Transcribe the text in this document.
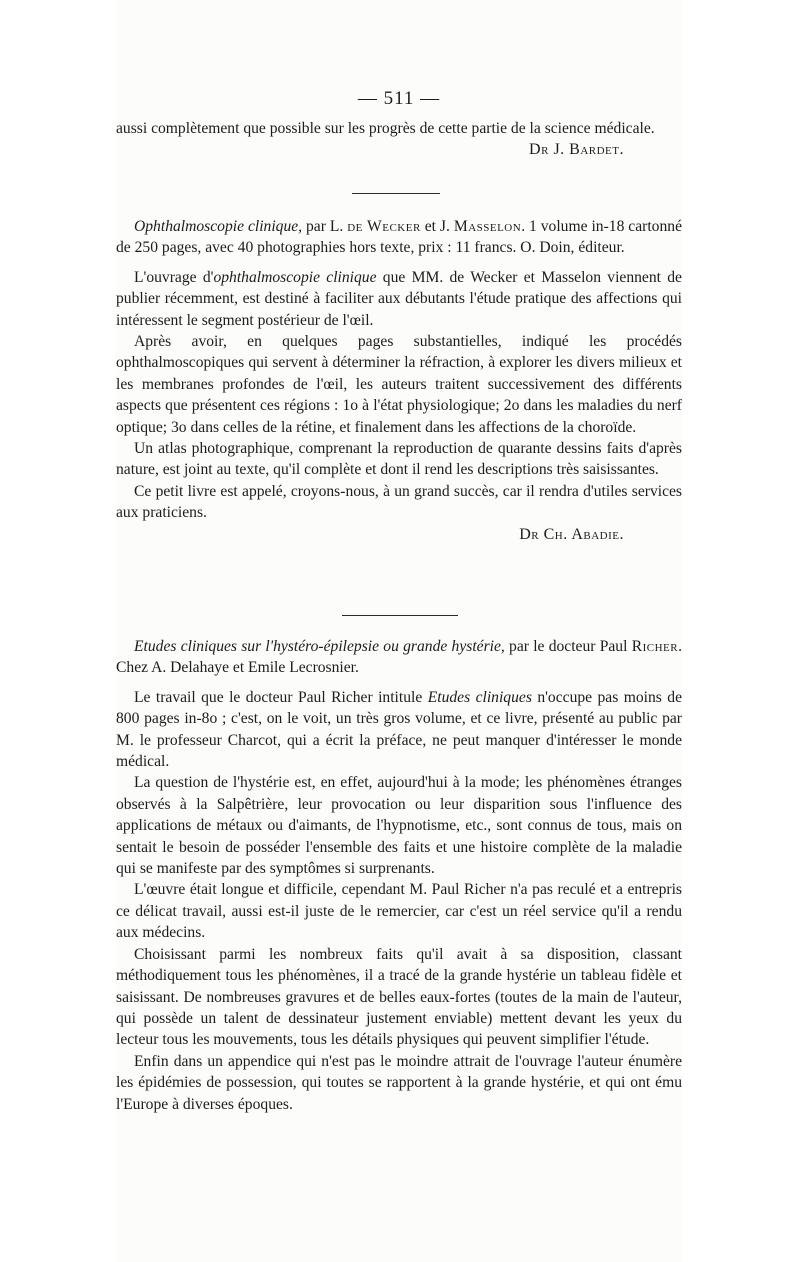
— 511 —

aussi complètement que possible sur les progrès de cette partie de la science médicale.

Dr J. Bardet.

Ophthalmoscopie clinique, par L. de Wecker et J. Masselon. 1 volume in-18 cartonné de 250 pages, avec 40 photographies hors texte, prix : 11 francs. O. Doin, éditeur.

L'ouvrage d'ophthalmoscopie clinique que MM. de Wecker et Masselon viennent de publier récemment, est destiné à faciliter aux débutants l'étude pratique des affections qui intéressent le segment postérieur de l'œil.

Après avoir, en quelques pages substantielles, indiqué les procédés ophthalmoscopiques qui servent à déterminer la réfraction, à explorer les divers milieux et les membranes profondes de l'œil, les auteurs traitent successivement des différents aspects que présentent ces régions : 1o à l'état physiologique; 2o dans les maladies du nerf optique; 3o dans celles de la rétine, et finalement dans les affections de la choroïde.

Un atlas photographique, comprenant la reproduction de quarante dessins faits d'après nature, est joint au texte, qu'il complète et dont il rend les descriptions très saisissantes.

Ce petit livre est appelé, croyons-nous, à un grand succès, car il rendra d'utiles services aux praticiens.

Dr Ch. Abadie.

Etudes cliniques sur l'hystéro-épilepsie ou grande hystérie, par le docteur Paul Richer. Chez A. Delahaye et Emile Lecrosnier.

Le travail que le docteur Paul Richer intitule Etudes cliniques n'occupe pas moins de 800 pages in-8o ; c'est, on le voit, un très gros volume, et ce livre, présenté au public par M. le professeur Charcot, qui a écrit la préface, ne peut manquer d'intéresser le monde médical.

La question de l'hystérie est, en effet, aujourd'hui à la mode; les phénomènes étranges observés à la Salpêtrière, leur provocation ou leur disparition sous l'influence des applications de métaux ou d'aimants, de l'hypnotisme, etc., sont connus de tous, mais on sentait le besoin de posséder l'ensemble des faits et une histoire complète de la maladie qui se manifeste par des symptômes si surprenants.

L'œuvre était longue et difficile, cependant M. Paul Richer n'a pas reculé et a entrepris ce délicat travail, aussi est-il juste de le remercier, car c'est un réel service qu'il a rendu aux médecins.

Choisissant parmi les nombreux faits qu'il avait à sa disposition, classant méthodiquement tous les phénomènes, il a tracé de la grande hystérie un tableau fidèle et saisissant. De nombreuses gravures et de belles eaux-fortes (toutes de la main de l'auteur, qui possède un talent de dessinateur justement enviable) mettent devant les yeux du lecteur tous les mouvements, tous les détails physiques qui peuvent simplifier l'étude.

Enfin dans un appendice qui n'est pas le moindre attrait de l'ouvrage l'auteur énumère les épidémies de possession, qui toutes se rapportent à la grande hystérie, et qui ont ému l'Europe à diverses époques.
